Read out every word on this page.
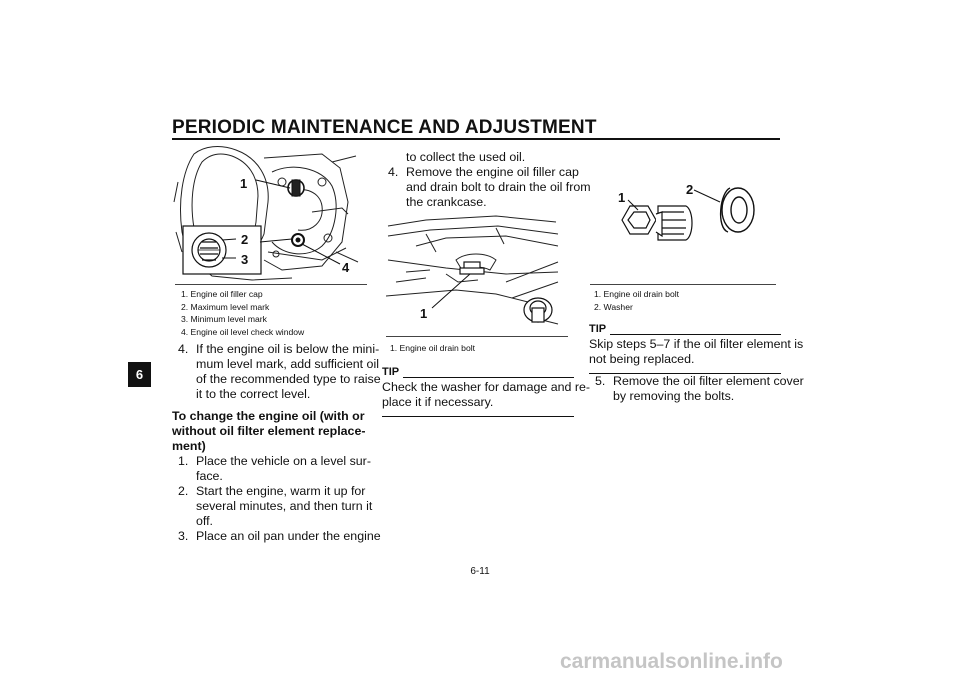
PERIODIC MAINTENANCE AND ADJUSTMENT
6
1
2
3
4
1. Engine oil filler cap
2. Maximum level mark
3. Minimum level mark
4. Engine oil level check window
4. If the engine oil is below the mini-
mum level mark, add sufficient oil
of the recommended type to raise
it to the correct level.
To change the engine oil (with or
without oil filter element replace-
ment)
1. Place the vehicle on a level sur-
face.
2. Start the engine, warm it up for
several minutes, and then turn it
off.
3. Place an oil pan under the engine
to collect the used oil.
4. Remove the engine oil filler cap
and drain bolt to drain the oil from
the crankcase.
1
1. Engine oil drain bolt
TIP
Check the washer for damage and re-
place it if necessary.
1
2
1. Engine oil drain bolt
2. Washer
TIP
Skip steps 5–7 if the oil filter element is
not being replaced.
5. Remove the oil filter element cover
by removing the bolts.
6-11
carmanualsonline.info
